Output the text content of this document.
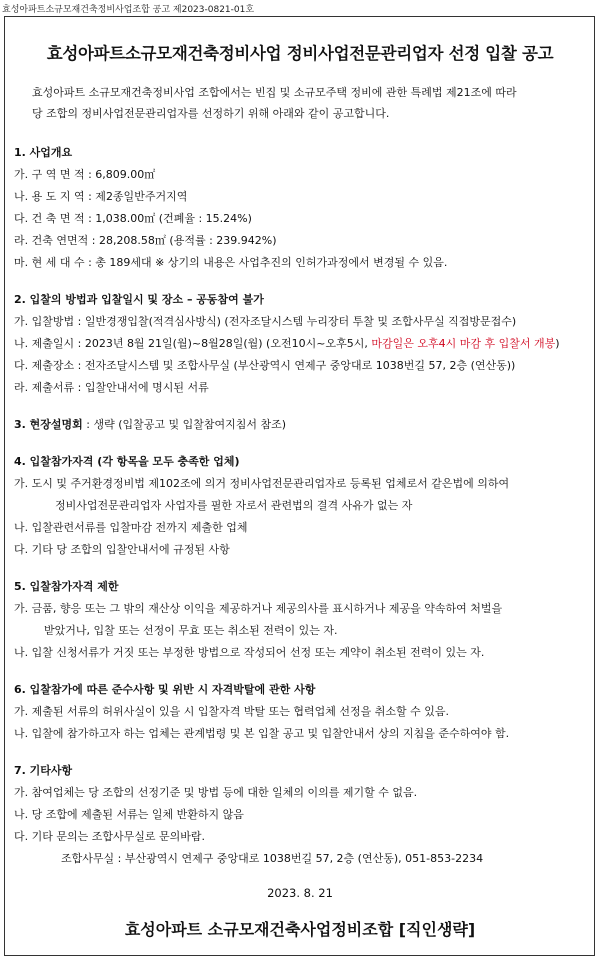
효성아파트소규모재건축정비사업조합 공고 제2023-0821-01호
효성아파트소규모재건축정비사업 정비사업전문관리업자 선정 입찰 공고
효성아파트 소규모재건축정비사업 조합에서는 빈집 및 소규모주택 정비에 관한 특례법 제21조에 따라
당 조합의 정비사업전문관리업자를 선정하기 위해 아래와 같이 공고합니다.
1. 사업개요
가. 구 역 면 적 : 6,809.00㎡
나. 용 도 지 역 : 제2종일반주거지역
다. 건 축 면 적 : 1,038.00㎡ (건폐율 : 15.24%)
라. 건축 연면적 : 28,208.58㎡ (용적률 : 239.942%)
마. 현 세 대 수 : 총 189세대 ※ 상기의 내용은 사업추진의 인허가과정에서 변경될 수 있음.
2. 입찰의 방법과 입찰일시 및 장소 – 공동참여 불가
가. 입찰방법 : 일반경쟁입찰(적격심사방식) (전자조달시스템 누리장터 투찰 및 조합사무실 직접방문접수)
나. 제출일시 : 2023년 8월 21일(월)~8월28일(월) (오전10시~오후5시, 마감일은 오후4시 마감 후 입찰서 개봉)
다. 제출장소 : 전자조달시스템 및 조합사무실 (부산광역시 연제구 중앙대로 1038번길 57, 2층 (연산동))
라. 제출서류 : 입찰안내서에 명시된 서류
3. 현장설명회 : 생략 (입찰공고 및 입찰참여지침서 참조)
4. 입찰참가자격 (각 항목을 모두 충족한 업체)
가. 도시 및 주거환경정비법 제102조에 의거 정비사업전문관리업자로 등록된 업체로서 같은법에 의하여
정비사업전문관리업자 사업자를 필한 자로서 관련법의 결격 사유가 없는 자
나. 입찰관련서류를 입찰마감 전까지 제출한 업체
다. 기타 당 조합의 입찰안내서에 규정된 사항
5. 입찰참가자격 제한
가. 금품, 향응 또는 그 밖의 재산상 이익을 제공하거나 제공의사를 표시하거나 제공을 약속하여 처벌을
받았거나, 입찰 또는 선정이 무효 또는 취소된 전력이 있는 자.
나. 입찰 신청서류가 거짓 또는 부정한 방법으로 작성되어 선정 또는 계약이 취소된 전력이 있는 자.
6. 입찰참가에 따른 준수사항 및 위반 시 자격박탈에 관한 사항
가. 제출된 서류의 허위사실이 있을 시 입찰자격 박탈 또는 협력업체 선정을 취소할 수 있음.
나. 입찰에 참가하고자 하는 업체는 관계법령 및 본 입찰 공고 및 입찰안내서 상의 지침을 준수하여야 함.
7. 기타사항
가. 참여업체는 당 조합의 선정기준 및 방법 등에 대한 일체의 이의를 제기할 수 없음.
나. 당 조합에 제출된 서류는 일체 반환하지 않음
다. 기타 문의는 조합사무실로 문의바람.
조합사무실 : 부산광역시 연제구 중앙대로 1038번길 57, 2층 (연산동), 051-853-2234
2023. 8. 21
효성아파트 소규모재건축사업정비조합 [직인생략]
